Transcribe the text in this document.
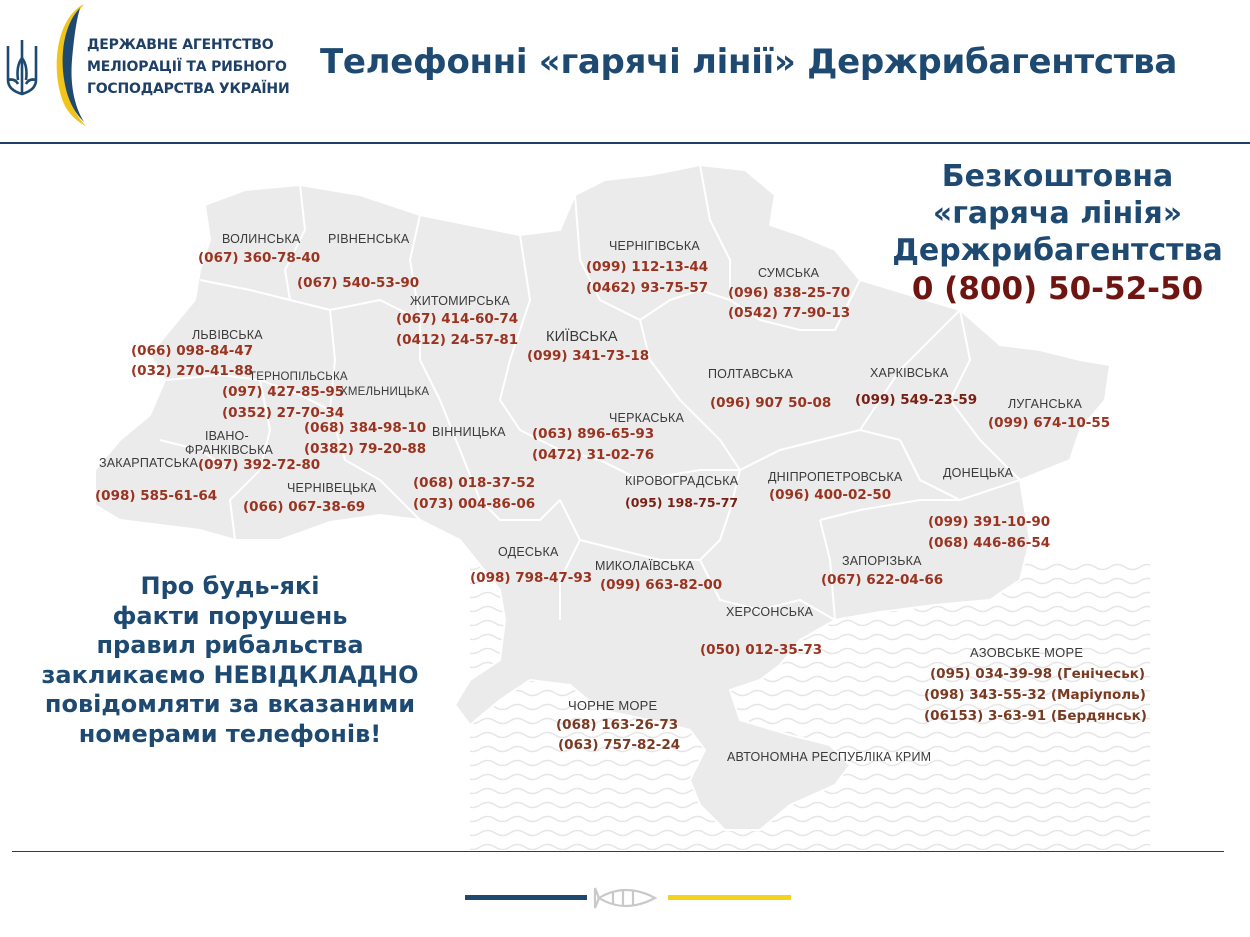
ДЕРЖАВНЕ АГЕНТСТВО
МЕЛІОРАЦІЇ ТА РИБНОГО
ГОСПОДАРСТВА УКРАЇНИ
Телефонні «гарячі лінії» Держрибагентства
ВОЛИНСЬКА
(067) 360-78-40
РІВНЕНСЬКА
(067) 540-53-90
ЖИТОМИРСЬКА
(067) 414-60-74
(0412) 24-57-81
ЧЕРНІГІВСЬКА
(099) 112-13-44
(0462) 93-75-57
СУМСЬКА
(096) 838-25-70
(0542) 77-90-13
ЛЬВІВСЬКА
(066) 098-84-47
(032) 270-41-88
КИЇВСЬКА
(099) 341-73-18
ТЕРНОПІЛЬСЬКА
(097) 427-85-95
(0352) 27-70-34
ХМЕЛЬНИЦЬКА
(068) 384-98-10
(0382) 79-20-88
ПОЛТАВСЬКА
(096) 907 50-08
ХАРКІВСЬКА
(099) 549-23-59 ЛУГАНСЬКА
(099) 674-10-55
ІВАНО-
ФРАНКІВСЬКА
(097) 392-72-80
ВІННИЦЬКА
(068) 018-37-52
(073) 004-86-06
ЧЕРКАСЬКА
(063) 896-65-93
(0472) 31-02-76
ЗАКАРПАТСЬКА
(098) 585-61-64	ЧЕРНІВЕЦЬКА
(066) 067-38-69
КІРОВОГРАДСЬКА
(095) 198-75-77
ДНІПРОПЕТРОВСЬКА
(096) 400-02-50
ДОНЕЦЬКА
(099) 391-10-90
(068) 446-86-54
ОДЕСЬКА
(098) 798-47-93
МИКОЛАЇВСЬКА
(099) 663-82-00
ЗАПОРІЗЬКА
(067) 622-04-66
ХЕРСОНСЬКА
(050) 012-35-73	АЗОВСЬКЕ МОРЕ
(095) 034-39-98 (Генічеськ)
(098) 343-55-32 (Маріуполь)
(06153) 3-63-91 (Бердянськ)
ЧОРНЕ МОРЕ
(068) 163-26-73
(063) 757-82-24
АВТОНОМНА РЕСПУБЛІКА КРИМ
Безкоштовна
«гаряча лінія»
Держрибагентства
0 (800) 50-52-50
Про будь-які
факти порушень
правил рибальства
закликаємо НЕВІДКЛАДНО
повідомляти за вказаними
номерами телефонів!
